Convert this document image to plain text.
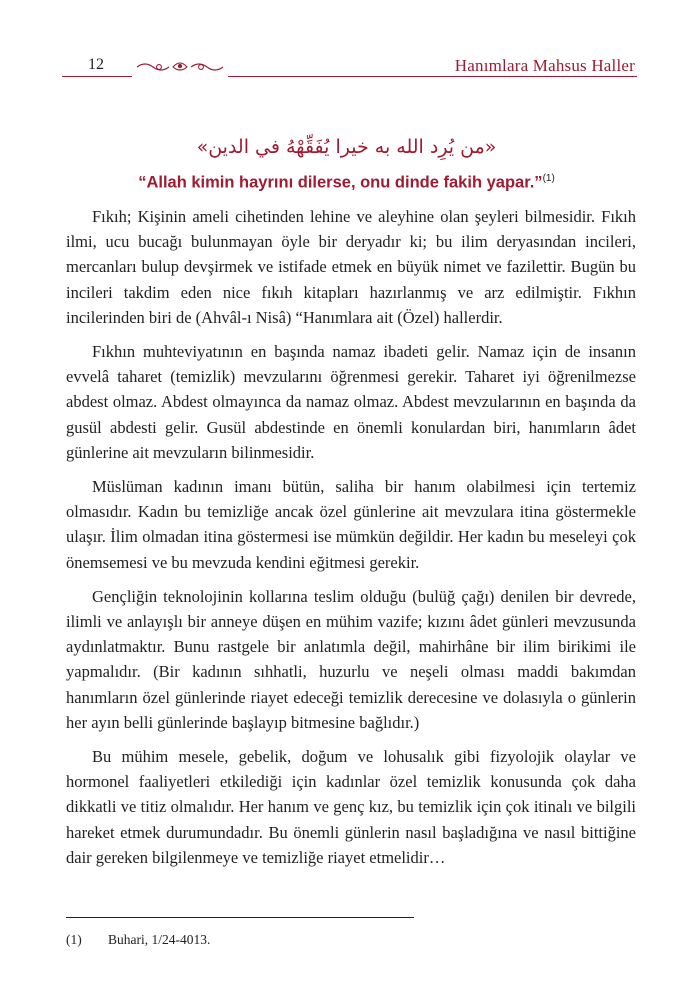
12	Hanımlara Mahsus Haller
«من يُرِد الله به خيرا يُفَقِّهْهُ في الدين»
“Allah kimin hayrını dilerse, onu dinde fakih yapar.”$^{(1)}$

Fıkıh; Kişinin ameli cihetinden lehine ve aleyhine olan şeyleri bilmesidir. Fıkıh ilmi, ucu bucağı bulunmayan öyle bir deryadır ki; bu ilim deryasından incileri, mercanları bulup devşirmek ve istifade etmek en büyük nimet ve fazilettir. Bugün bu incileri takdim eden nice fıkıh kitapları hazırlanmış ve arz edilmiştir. Fıkhın incilerinden biri de (Ahvâl-ı Nisâ) “Hanımlara ait (Özel) hallerdir.

Fıkhın muhteviyatının en başında namaz ibadeti gelir. Namaz için de insanın evvelâ taharet (temizlik) mevzularını öğrenmesi gerekir. Taharet iyi öğrenilmezse abdest olmaz. Abdest olmayınca da namaz olmaz. Abdest mevzularının en başında da gusül abdesti gelir. Gusül abdestinde en önemli konulardan biri, hanımların âdet günlerine ait mevzuların bilinmesidir.

Müslüman kadının imanı bütün, saliha bir hanım olabilmesi için tertemiz olmasıdır. Kadın bu temizliğe ancak özel günlerine ait mevzulara itina göstermekle ulaşır. İlim olmadan itina göstermesi ise mümkün değildir. Her kadın bu meseleyi çok önemsemesi ve bu mevzuda kendini eğitmesi gerekir.

Gençliğin teknolojinin kollarına teslim olduğu (bulüğ çağı) denilen bir devrede, ilimli ve anlayışlı bir anneye düşen en mühim vazife; kızını âdet günleri mevzusunda aydınlatmaktır. Bunu rastgele bir anlatımla değil, mahirhâne bir ilim birikimi ile yapmalıdır. (Bir kadının sıhhatli, huzurlu ve neşeli olması maddi bakımdan hanımların özel günlerinde riayet edeceği temizlik derecesine ve dolasıyla o günlerin her ayın belli günlerinde başlayıp bitmesine bağlıdır.)

Bu mühim mesele, gebelik, doğum ve lohusalık gibi fizyolojik olaylar ve hormonel faaliyetleri etkilediği için kadınlar özel temizlik konusunda çok daha dikkatli ve titiz olmalıdır. Her hanım ve genç kız, bu temizlik için çok itinalı ve bilgili hareket etmek durumundadır. Bu önemli günlerin nasıl başladığına ve nasıl bittiğine dair gereken bilgilenmeye ve temizliğe riayet etmelidir…

(1) Buhari, 1/24-4013.
